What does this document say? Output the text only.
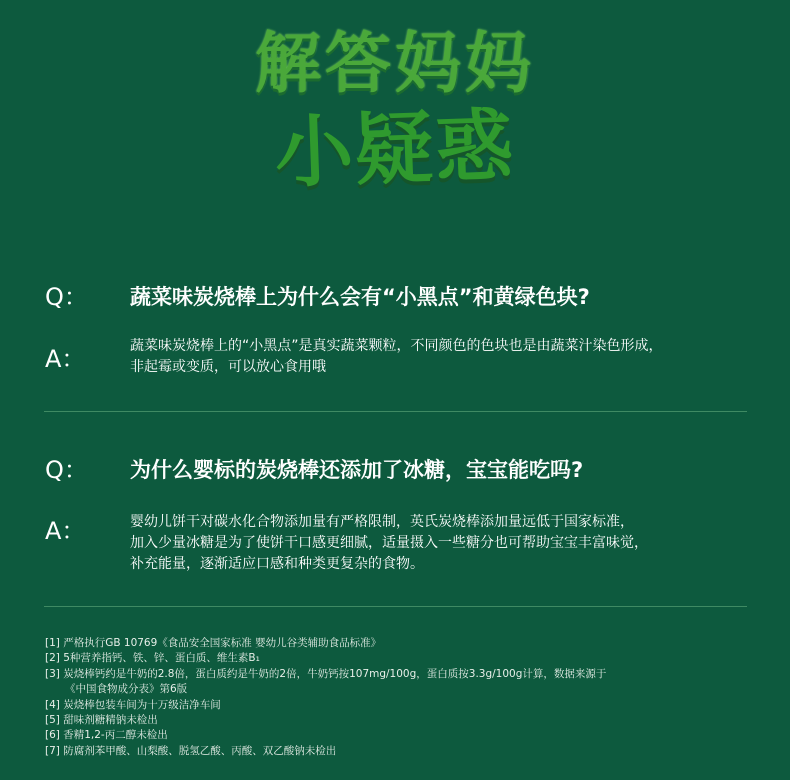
解答妈妈
小疑惑
Q： 蔬菜味炭烧棒上为什么会有“小黑点”和黄绿色块?
A：	蔬菜味炭烧棒上的“小黑点”是真实蔬菜颗粒，不同颜色的色块也是由蔬菜汁染色形成，
非起霉或变质，可以放心食用哦
Q： 为什么婴标的炭烧棒还添加了冰糖，宝宝能吃吗?
A：	婴幼儿饼干对碳水化合物添加量有严格限制，英氏炭烧棒添加量远低于国家标准，
加入少量冰糖是为了使饼干口感更细腻，适量摄入一些糖分也可帮助宝宝丰富味觉，
补充能量，逐渐适应口感和种类更复杂的食物。
[1] 严格执行GB 10769《食品安全国家标准 婴幼儿谷类辅助食品标准》
[2] 5种营养指钙、铁、锌、蛋白质、维生素B₁
[3] 炭烧棒钙约是牛奶的2.8倍，蛋白质约是牛奶的2倍，牛奶钙按107mg/100g，蛋白质按3.3g/100g计算，数据来源于
《中国食物成分表》第6版
[4] 炭烧棒包装车间为十万级洁净车间
[5] 甜味剂糖精钠未检出
[6] 香精1,2-丙二醇未检出
[7] 防腐剂苯甲酸、山梨酸、脱氢乙酸、丙酸、双乙酸钠未检出
